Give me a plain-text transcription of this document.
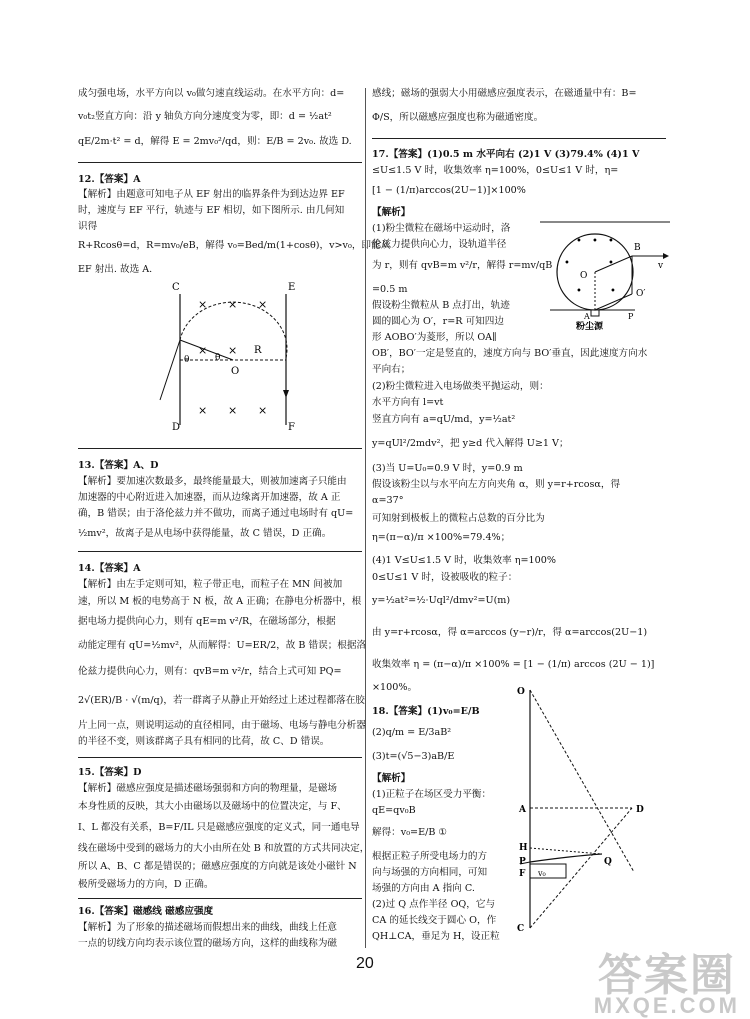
成匀强电场，水平方向以 v₀做匀速直线运动。在水平方向：d=
v₀t₂竖直方向：沿 y 轴负方向分速度变为零，即：d = ½at²
qE/2m·t² = d，解得 E = 2mv₀²/qd，则：E/B = 2v₀. 故选 D.
12.【答案】A
【解析】由题意可知电子从 EF 射出的临界条件为到达边界 EF
时，速度与 EF 平行，轨迹与 EF 相切，如下图所示. 由几何知
识得
R+Rcosθ=d，R=mv₀/eB，解得 v₀=Bed/m(1+cosθ)，v>v₀，即能从
EF 射出. 故选 A.
C	E
D	F
R
O
θ	θ
× × ×
× ×
× × ×
13.【答案】A、D
【解析】要加速次数最多，最终能量最大，则被加速离子只能由
加速器的中心附近进入加速器，而从边缘离开加速器，故 A 正
确，B 错误；由于洛伦兹力并不做功，而离子通过电场时有 qU=
½mv²，故离子是从电场中获得能量，故 C 错误，D 正确。
14.【答案】A
【解析】由左手定则可知，粒子带正电，而粒子在 MN 间被加
速，所以 M 板的电势高于 N 板，故 A 正确；在静电分析器中，根
据电场力提供向心力，则有 qE=m v²/R，在磁场部分，根据
动能定理有 qU=½mv²，从而解得：U=ER/2，故 B 错误；根据洛
伦兹力提供向心力，则有：qvB=m v²/r，结合上式可知 PQ=
2√(ER)/B · √(m/q)，若一群离子从静止开始经过上述过程都落在胶
片上同一点，则说明运动的直径相同，由于磁场、电场与静电分析器
的半径不变，则该群离子具有相同的比荷，故 C、D 错误。
15.【答案】D
【解析】磁感应强度是描述磁场强弱和方向的物理量，是磁场
本身性质的反映，其大小由磁场以及磁场中的位置决定，与 F、
I、L 都没有关系，B=F/IL 只是磁感应强度的定义式，同一通电导
线在磁场中受到的磁场力的大小由所在处 B 和放置的方式共同决定，
所以 A、B、C 都是错误的；磁感应强度的方向就是该处小磁针 N
极所受磁场力的方向，D 正确。
16.【答案】磁感线 磁感应强度
【解析】为了形象的描述磁场而假想出来的曲线，曲线上任意
一点的切线方向均表示该位置的磁场方向，这样的曲线称为磁
感线；磁场的强弱大小用磁感应强度表示，在磁通量中有：B=
Φ/S，所以磁感应强度也称为磁通密度。
17.【答案】(1)0.5 m 水平向右 (2)1 V (3)79.4% (4)1 V
≤U≤1.5 V 时，收集效率 η=100%，0≤U≤1 V 时，η=
[1 − (1/π)arccos(2U−1)]×100%
【解析】
(1)粉尘微粒在磁场中运动时，洛
伦兹力提供向心力，设轨道半径
为 r，则有 qvB=m v²/r，解得 r=mv/qB
=0.5 m
假设粉尘微粒从 B 点打出，轨迹
圆的圆心为 O′，r=R 可知四边
形 AOBO′为菱形，所以 OA∥
B
v
O
O′
A	P
粉尘源
• • •
•	•
•	•
OB′，BO′一定是竖直的，速度方向与 BO′垂直，因此速度方向水
平向右；
(2)粉尘微粒进入电场做类平抛运动，则：
水平方向有 l=vt
竖直方向有 a=qU/md，y=½at²
y=qUl²/2mdv²，把 y≥d 代入解得 U≥1 V；
(3)当 U=U₀=0.9 V 时，y=0.9 m
假设该粉尘以与水平向左方向夹角 α，则 y=r+rcosα，得
α=37°
可知射到极板上的微粒占总数的百分比为
η=(π−α)/π ×100%=79.4%；
(4)1 V≤U≤1.5 V 时，收集效率 η=100%
0≤U≤1 V 时，设被吸收的粒子：
y=½at²=½·Uql²/dmv²=U(m)
由 y=r+rcosα，得 α=arccos (y−r)/r，得 α=arccos(2U−1)
收集效率 η = (π−α)/π ×100% = [1 − (1/π) arccos (2U − 1)]
×100%。
18.【答案】(1)v₀=E/B
(2)q/m = E/3aB²
(3)t=(√5−3)aB/E
【解析】
(1)正粒子在场区受力平衡：
qE=qv₀B
解得：v₀=E/B ①
根据正粒子所受电场力的方
向与场强的方向相同，可知
场强的方向由 A 指向 C.
(2)过 Q 点作半径 OQ，它与
CA 的延长线交于圆心 O，作
QH⊥CA，垂足为 H，设正粒
O
A	D
H
P
F
Q
C
v₀
20	答案圈
MXQE.COM
